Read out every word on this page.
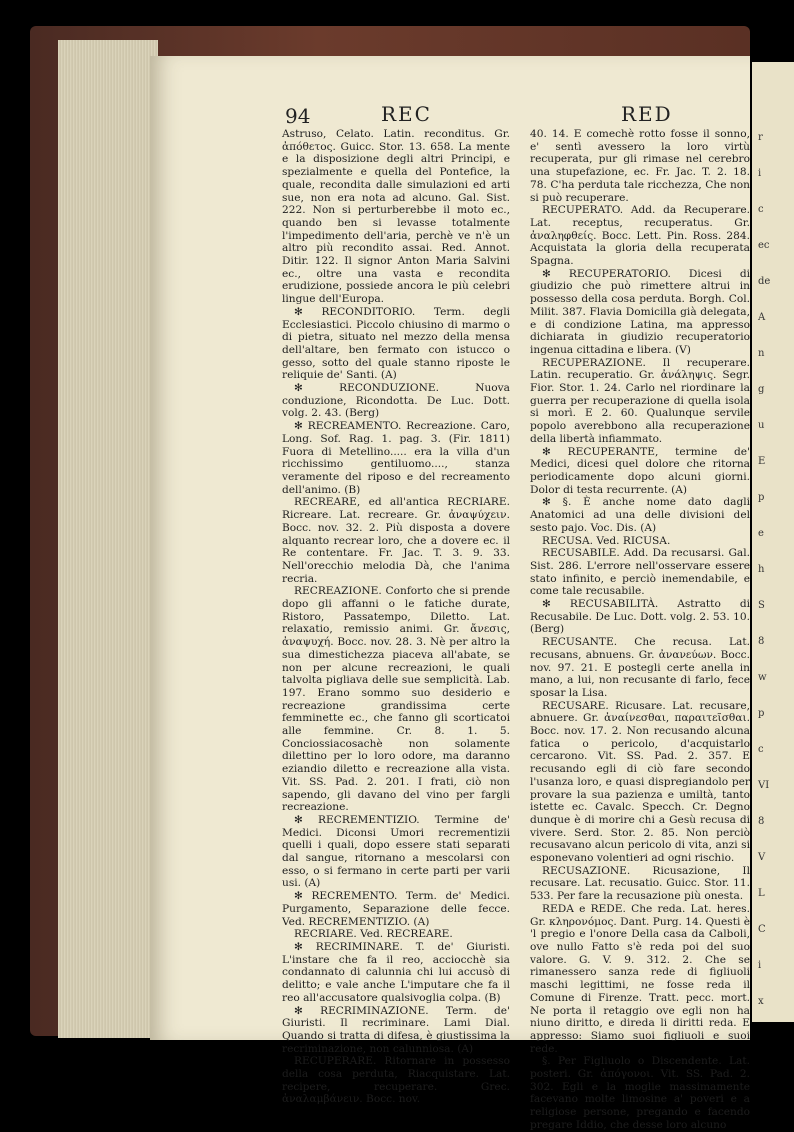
r
i
c
ec
de
A
n
g
u
E
p
e
h
S
8
w
p
c
VI
8
V
L
C
i
x
94	REC	RED

Astruso, Celato. Latin. reconditus. Gr. ἀπόθετος. Guicc. Stor. 13. 658. La mente e la disposizione degli altri Principi, e spezialmente e quella del Pontefice, la quale, recondita dalle simulazioni ed arti sue, non era nota ad alcuno. Gal. Sist. 222. Non si perturberebbe il moto ec., quando ben si levasse totalmente l'impedimento dell'aria, perchè ve n'è un altro più recondito assai. Red. Annot. Ditir. 122. Il signor Anton Maria Salvini ec., oltre una vasta e recondita erudizione, possiede ancora le più celebri lingue dell'Europa.

✻ RECONDITORIO. Term. degli Ecclesiastici. Piccolo chiusino di marmo o di pietra, situato nel mezzo della mensa dell'altare, ben fermato con istucco o gesso, sotto del quale stanno riposte le reliquie de' Santi. (A)

✻ RECONDUZIONE. Nuova conduzione, Ricondotta. De Luc. Dott. volg. 2. 43. (Berg)

✻ RECREAMENTO. Recreazione. Caro, Long. Sof. Rag. 1. pag. 3. (Fir. 1811) Fuora di Metellino..... era la villa d'un ricchissimo gentiluomo...., stanza veramente del riposo e del recreamento dell'animo. (B)

RECREARE, ed all'antica RECRIARE. Ricreare. Lat. recreare. Gr. ἀναψύχειν. Bocc. nov. 32. 2. Più disposta a dovere alquanto recrear loro, che a dovere ec. il Re contentare. Fr. Jac. T. 3. 9. 33. Nell'orecchio melodia Dà, che l'anima recria.

RECREAZIONE. Conforto che si prende dopo gli affanni o le fatiche durate, Ristoro, Passatempo, Diletto. Lat. relaxatio, remissio animi. Gr. ἄνεσις, ἀναψυχή. Bocc. nov. 28. 3. Nè per altro la sua dimestichezza piaceva all'abate, se non per alcune recreazioni, le quali talvolta pigliava delle sue semplicità. Lab. 197. Erano sommo suo desiderio e recreazione grandissima certe femminette ec., che fanno gli scorticatoi alle femmine. Cr. 8. 1. 5. Conciossiacosachè non solamente dilettino per lo loro odore, ma daranno eziandio diletto e recreazione alla vista. Vit. SS. Pad. 2. 201. I frati, ciò non sapendo, gli davano del vino per fargli recreazione.

✻ RECREMENTIZIO. Termine de' Medici. Diconsi Umori recrementizii quelli i quali, dopo essere stati separati dal sangue, ritornano a mescolarsi con esso, o si fermano in certe parti per varii usi. (A)

✻ RECREMENTO. Term. de' Medici. Purgamento, Separazione delle fecce. Ved. RECREMENTIZIO. (A)

RECRIARE. Ved. RECREARE.

✻ RECRIMINARE. T. de' Giuristi. L'instare che fa il reo, acciocchè sia condannato di calunnia chi lui accusò di delitto; e vale anche L'imputare che fa il reo all'accusatore qualsivoglia colpa. (B)

✻ RECRIMINAZIONE. Term. de' Giuristi. Il recriminare. Lami Dial. Quando si tratta di difesa, è giustissima la recriminazione, non calunniosa. (A)

RECUPERARE. Ritornare in possesso della cosa perduta, Riacquistare. Lat. recipere, recuperare. Grec. ἀναλαμβάνειν. Bocc. nov.

40. 14. E comechè rotto fosse il sonno, e' sentì avessero la loro virtù recuperata, pur gli rimase nel cerebro una stupefazione, ec. Fr. Jac. T. 2. 18. 78. C'ha perduta tale ricchezza, Che non si può recuperare.

RECUPERATO. Add. da Recuperare. Lat. receptus, recuperatus. Gr. ἀναληφθείς. Bocc. Lett. Pin. Ross. 284. Acquistata la gloria della recuperata Spagna.

✻ RECUPERATORIO. Dicesi di giudizio che può rimettere altrui in possesso della cosa perduta. Borgh. Col. Milit. 387. Flavia Domicilla già delegata, e di condizione Latina, ma appresso dichiarata in giudizio recuperatorio ingenua cittadina e libera. (V)

RECUPERAZIONE. Il recuperare. Latin. recuperatio. Gr. ἀνάληψις. Segr. Fior. Stor. 1. 24. Carlo nel riordinare la guerra per recuperazione di quella isola si morì. E 2. 60. Qualunque servile popolo averebbono alla recuperazione della libertà infiammato.

✻ RECUPERANTE, termine de' Medici, dicesi quel dolore che ritorna periodicamente dopo alcuni giorni. Dolor di testa recurrente. (A)

✻ §. È anche nome dato dagli Anatomici ad una delle divisioni del sesto pajo. Voc. Dis. (A)

RECUSA. Ved. RICUSA.

RECUSABILE. Add. Da recusarsi. Gal. Sist. 286. L'errore nell'osservare essere stato infinito, e perciò inemendabile, e come tale recusabile.

✻ RECUSABILITÀ. Astratto di Recusabile. De Luc. Dott. volg. 2. 53. 10. (Berg)

RECUSANTE. Che recusa. Lat. recusans, abnuens. Gr. ἀνανεύων. Bocc. nov. 97. 21. E postegli certe anella in mano, a lui, non recusante di farlo, fece sposar la Lisa.

RECUSARE. Ricusare. Lat. recusare, abnuere. Gr. ἀναίνεσθαι, παραιτεῖσθαι. Bocc. nov. 17. 2. Non recusando alcuna fatica o pericolo, d'acquistarlo cercarono. Vit. SS. Pad. 2. 357. E recusando egli di ciò fare secondo l'usanza loro, e quasi dispregiandolo per provare la sua pazienza e umiltà, tanto istette ec. Cavalc. Specch. Cr. Degno dunque è di morire chi a Gesù recusa di vivere. Serd. Stor. 2. 85. Non perciò recusavano alcun pericolo di vita, anzi si esponevano volentieri ad ogni rischio.

RECUSAZIONE. Ricusazione, Il recusare. Lat. recusatio. Guicc. Stor. 11. 533. Per fare la recusazione più onesta.

REDA e REDE. Che reda. Lat. heres. Gr. κληρονόμος. Dant. Purg. 14. Questi è 'l pregio e l'onore Della casa da Calboli, ove nullo Fatto s'è reda poi del suo valore. G. V. 9. 312. 2. Che se rimanessero sanza rede di figliuoli maschi legittimi, ne fosse reda il Comune di Firenze. Tratt. pecc. mort. Ne porta il retaggio ove egli non ha niuno diritto, e direda li diritti reda. E appresso: Siamo suoi figliuoli e suoi rede.

§. Per Figliuolo o Discendente. Lat. posteri. Gr. ἀπόγονοι. Vit. SS. Pad. 2. 302. Egli e la moglie massimamente facevano molte limosine a' poveri e a religiose persone, pregando e facendo pregare Iddio, che desse loro alcuno
